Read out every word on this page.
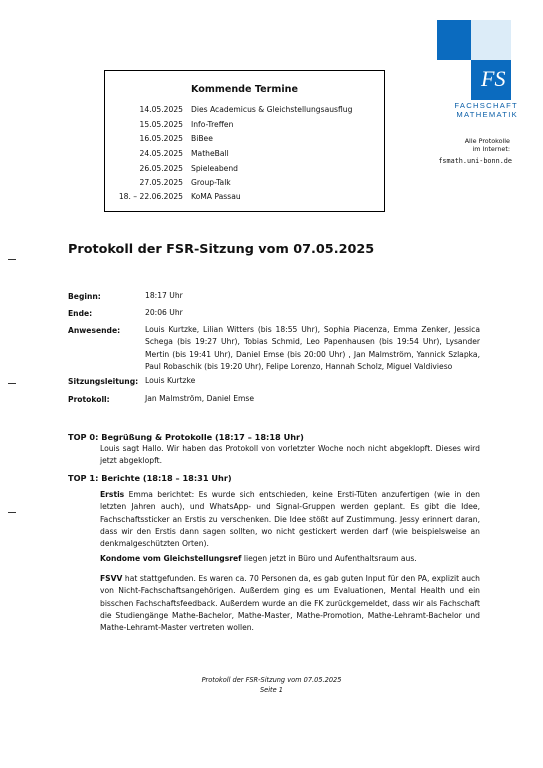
FS
FACHSCHAFT
MATHEMATIK
Alle Protokolle
im Internet:
fsmath.uni-bonn.de
Kommende Termine
14.05.2025 Dies Academicus & Gleichstellungsausflug
15.05.2025 Info-Treffen
16.05.2025 BiBee
24.05.2025 MatheBall
26.05.2025 Spieleabend
27.05.2025 Group-Talk
18. – 22.06.2025 KoMA Passau
Protokoll der FSR-Sitzung vom 07.05.2025
Beginn:	18:17 Uhr
Ende:	20:06 Uhr
Anwesende:	Louis Kurtzke, Lilian Witters (bis 18:55 Uhr), Sophia Piacenza, Emma Zenker, Jessica Schega (bis 19:27 Uhr), Tobias Schmid, Leo Papenhausen (bis 19:54 Uhr), Lysander Mertin (bis 19:41 Uhr), Daniel Emse (bis 20:00 Uhr) , Jan Malmström, Yannick Szlapka, Paul Robaschik (bis 19:20 Uhr), Felipe Lorenzo, Hannah Scholz, Miguel Valdivieso
Sitzungsleitung: Louis Kurtzke
Protokoll:	Jan Malmström, Daniel Emse
TOP 0: Begrüßung & Protokolle (18:17 – 18:18 Uhr)
Louis sagt Hallo. Wir haben das Protokoll von vorletzter Woche noch nicht abgeklopft. Dieses wird jetzt abgeklopft.
TOP 1: Berichte (18:18 – 18:31 Uhr)
Erstis Emma berichtet: Es wurde sich entschieden, keine Ersti-Tüten anzufertigen (wie in den letzten Jahren auch), und WhatsApp- und Signal-Gruppen werden geplant. Es gibt die Idee, Fachschaftssticker an Erstis zu verschenken. Die Idee stößt auf Zustimmung. Jessy erinnert daran, dass wir den Erstis dann sagen sollten, wo nicht gestickert werden darf (wie beispielsweise an denkmalgeschützten Orten).
Kondome vom Gleichstellungsref liegen jetzt in Büro und Aufenthaltsraum aus.
FSVV hat stattgefunden. Es waren ca. 70 Personen da, es gab guten Input für den PA, explizit auch von Nicht-Fachschaftsangehörigen. Außerdem ging es um Evaluationen, Mental Health und ein bisschen Fachschaftsfeedback. Außerdem wurde an die FK zurückgemeldet, dass wir als Fachschaft die Studiengänge Mathe-Bachelor, Mathe-Master, Mathe-Promotion, Mathe-Lehramt-Bachelor und Mathe-Lehramt-Master vertreten wollen.
Protokoll der FSR-Sitzung vom 07.05.2025
Seite 1
